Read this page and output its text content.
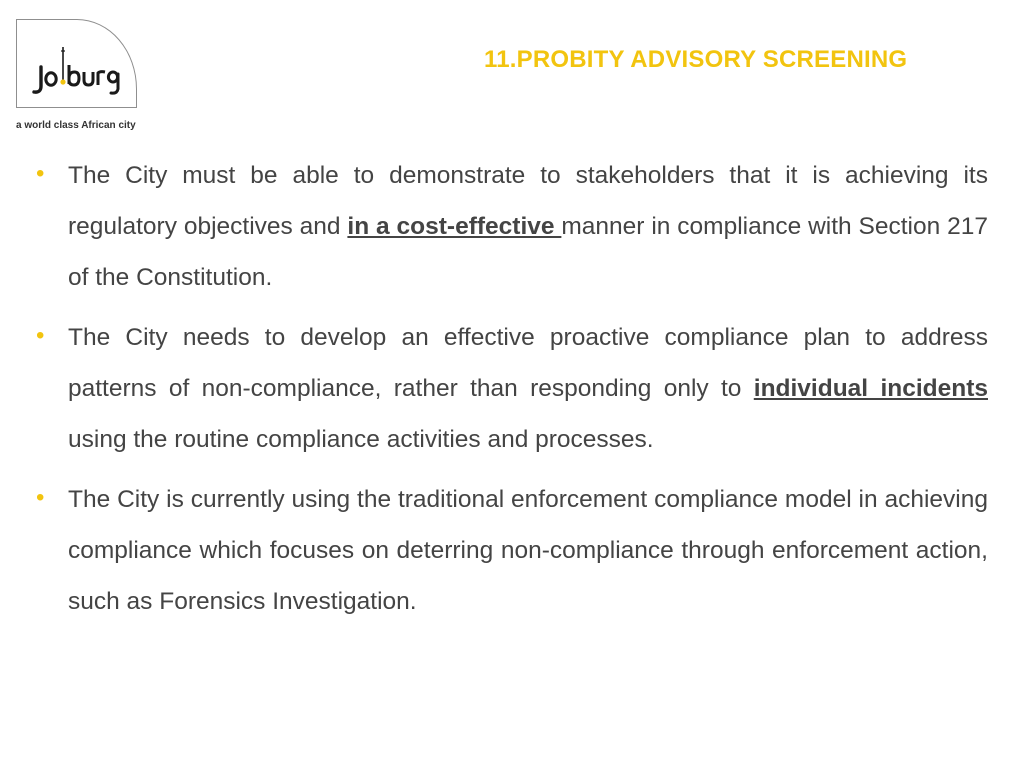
a world class African city
11.PROBITY ADVISORY SCREENING
• The City must be able to demonstrate to stakeholders that it is achieving its regulatory objectives and in a cost-effective manner in compliance with Section 217 of the Constitution.
• The City needs to develop an effective proactive compliance plan to address patterns of non-compliance, rather than responding only to individual incidents using the routine compliance activities and processes.
• The City is currently using the traditional enforcement compliance model in achieving compliance which focuses on deterring non-compliance through enforcement action, such as Forensics Investigation.
